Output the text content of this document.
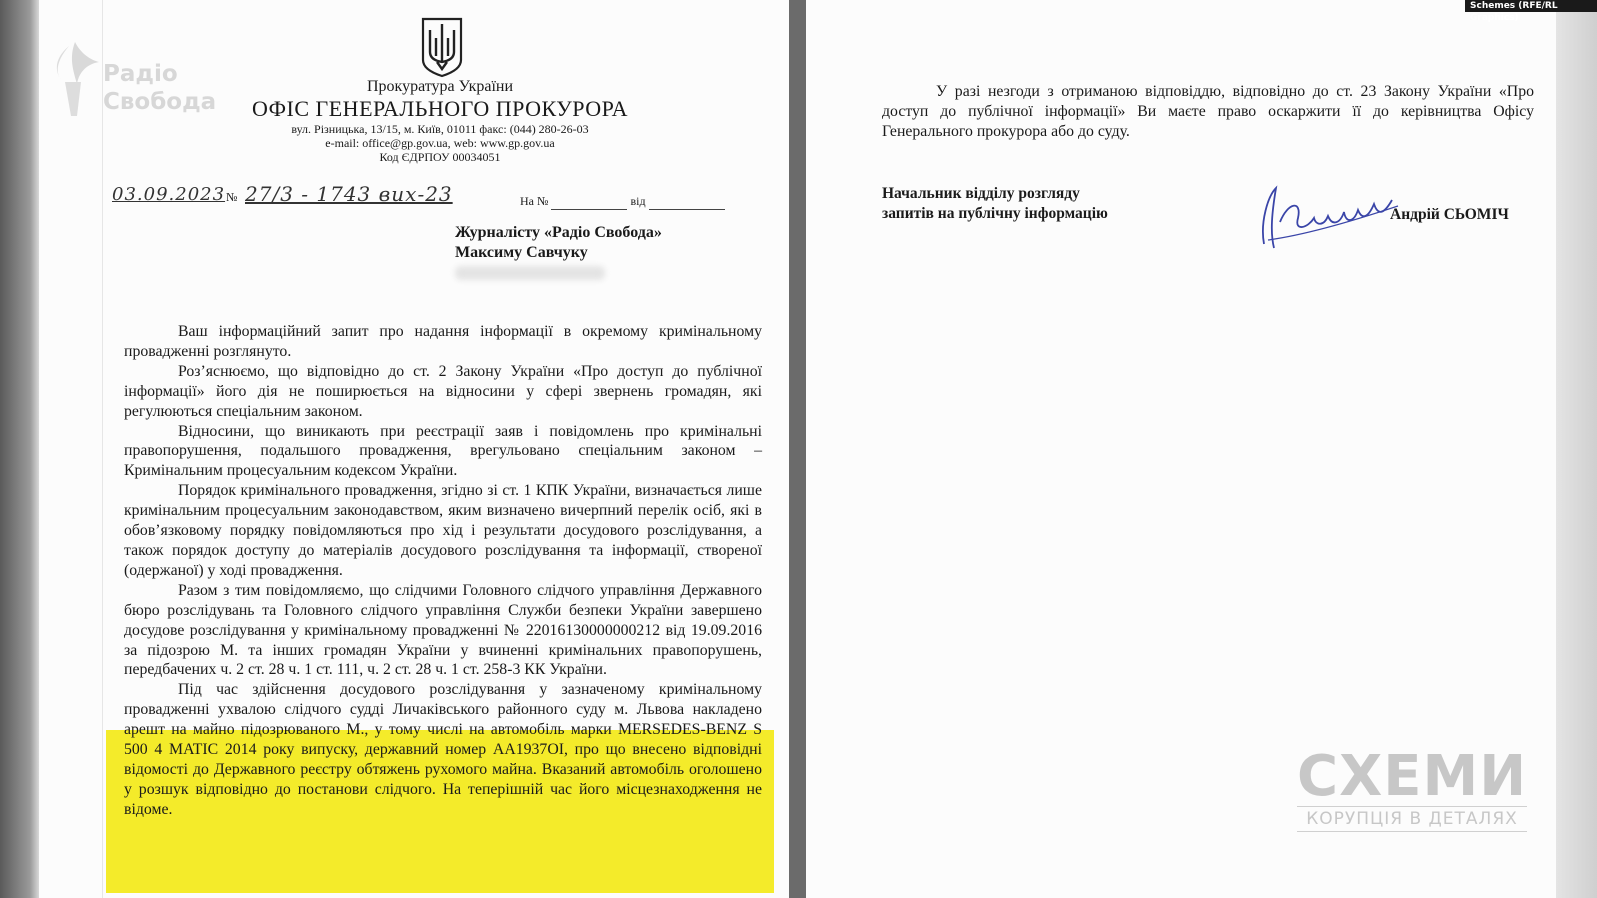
Радіо
Свобода
Прокуратура України
ОФІС ГЕНЕРАЛЬНОГО ПРОКУРОРА
вул. Різницька, 13/15, м. Київ, 01011 факс: (044) 280-26-03
e-mail: office@gp.gov.ua, web: www.gp.gov.ua
Код ЄДРПОУ 00034051
03.09.2023 № 27/3 - 1743 вих-23	На №	від
Журналісту «Радіо Свобода»
Максиму Савчуку

Ваш інформаційний запит про надання інформації в окремому кримінальному провадженні розглянуто.

Роз’яснюємо, що відповідно до ст. 2 Закону України «Про доступ до публічної інформації» його дія не поширюється на відносини у сфері звернень громадян, які регулюються спеціальним законом.

Відносини, що виникають при реєстрації заяв і повідомлень про кримінальні правопорушення, подальшого провадження, врегульовано спеціальним законом – Кримінальним процесуальним кодексом України.

Порядок кримінального провадження, згідно зі ст. 1 КПК України, визначається лише кримінальним процесуальним законодавством, яким визначено вичерпний перелік осіб, які в обов’язковому порядку повідомляються про хід і результати досудового розслідування, а також порядок доступу до матеріалів досудового розслідування та інформації, створеної (одержаної) у ході провадження.

Разом з тим повідомляємо, що слідчими Головного слідчого управління Державного бюро розслідувань та Головного слідчого управління Служби безпеки України завершено досудове розслідування у кримінальному провадженні № 22016130000000212 від 19.09.2016 за підозрою М. та інших громадян України у вчиненні кримінальних правопорушень, передбачених ч. 2 ст. 28 ч. 1 ст. 111, ч. 2 ст. 28 ч. 1 ст. 258-3 КК України.

Під час здійснення досудового розслідування у зазначеному кримінальному провадженні ухвалою слідчого судді Личаківського районного суду м. Львова накладено арешт на майно підозрюваного М., у тому числі на автомобіль марки MERSEDES-BENZ S 500 4 MATIC 2014 року випуску, державний номер АА1937ОІ, про що внесено відповідні відомості до Державного реєстру обтяжень рухомого майна. Вказаний автомобіль оголошено у розшук відповідно до постанови слідчого. На теперішній час його місцезнаходження не відоме.

У разі незгоди з отриманою відповіддю, відповідно до ст. 23 Закону України «Про доступ до публічної інформації» Ви маєте право оскаржити її до керівництва Офісу Генерального прокурора або до суду.
Начальник відділу розгляду
запитів на публічну інформацію	Андрій СЬОМІЧ
Schemes (RFE/RL Graphics)
СХЕМИ
КОРУПЦІЯ В ДЕТАЛЯХ
